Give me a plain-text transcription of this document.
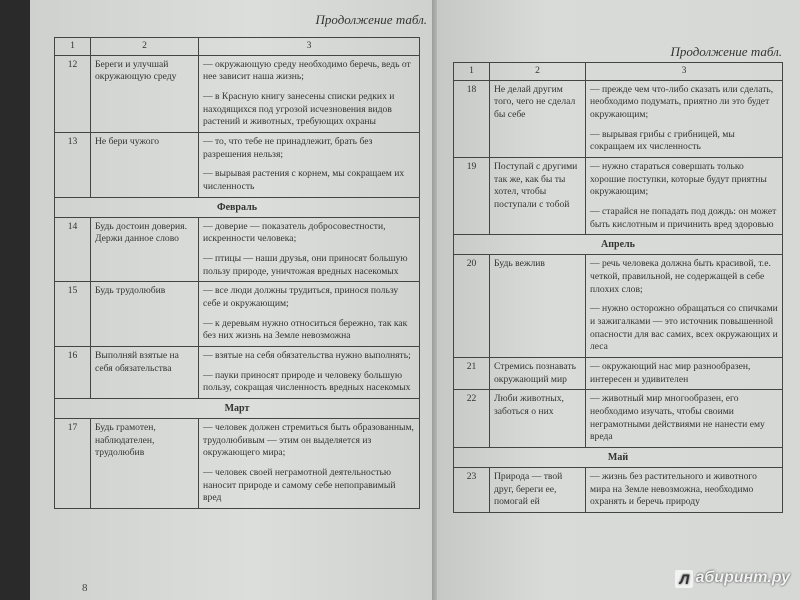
Продолжение табл.
1	2	3
12	Береги и улучшай окружающую среду	— окружающую среду необходимо беречь, ведь от нее зависит наша жизнь;
— в Красную книгу занесены списки редких и находящихся под угрозой исчезновения видов растений и животных, требующих охраны

13	Не бери чужого	— то, что тебе не принадлежит, брать без разрешения нельзя;
— вырывая растения с корнем, мы сокращаем их численность

Февраль		
14	Будь достоин доверия. Держи данное слово	— доверие — показатель добросовестности, искренности человека;
— птицы — наши друзья, они приносят большую пользу природе, уничтожая вредных насекомых

15	Будь трудолюбив	— все люди должны трудиться, принося пользу себе и окружающим;
— к деревьям нужно относиться бережно, так как без них жизнь на Земле невозможна

16	Выполняй взятые на себя обязательства	— взятые на себя обязательства нужно выполнять;
— пауки приносят природе и человеку большую пользу, сокращая численность вредных насекомых

Март		
17	Будь грамотен, наблюдателен, трудолюбив	— человек должен стремиться быть образованным, трудолюбивым — этим он выделяется из окружающего мира;
— человек своей неграмотной деятельностью наносит природе и самому себе непоправимый вред
8
Продолжение табл.
1	2	3
18	Не делай другим того, чего не сделал бы себе	— прежде чем что-либо сказать или сделать, необходимо подумать, приятно ли это будет окружающим;
— вырывая грибы с грибницей, мы сокращаем их численность

19	Поступай с другими так же, как бы ты хотел, чтобы поступали с тобой	— нужно стараться совершать только хорошие поступки, которые будут приятны окружающим;
— старайся не попадать под дождь: он может быть кислотным и причинить вред здоровью

Апрель		
20	Будь вежлив	— речь человека должна быть красивой, т.е. четкой, правильной, не содержащей в себе плохих слов;
— нужно осторожно обращаться со спичками и зажигалками — это источник повышенной опасности для вас самих, всех окружающих и леса

21	Стремись познавать окружающий мир	— окружающий нас мир разнообразен, интересен и удивителен

22	Люби животных, заботься о них	— животный мир многообразен, его необходимо изучать, чтобы своими неграмотными действиями не нанести ему вреда

Май		
23	Природа — твой друг, береги ее, помогай ей	— жизнь без растительного и животного мира на Земле невозможна, необходимо охранять и беречь природу
Л абиринт.ру
